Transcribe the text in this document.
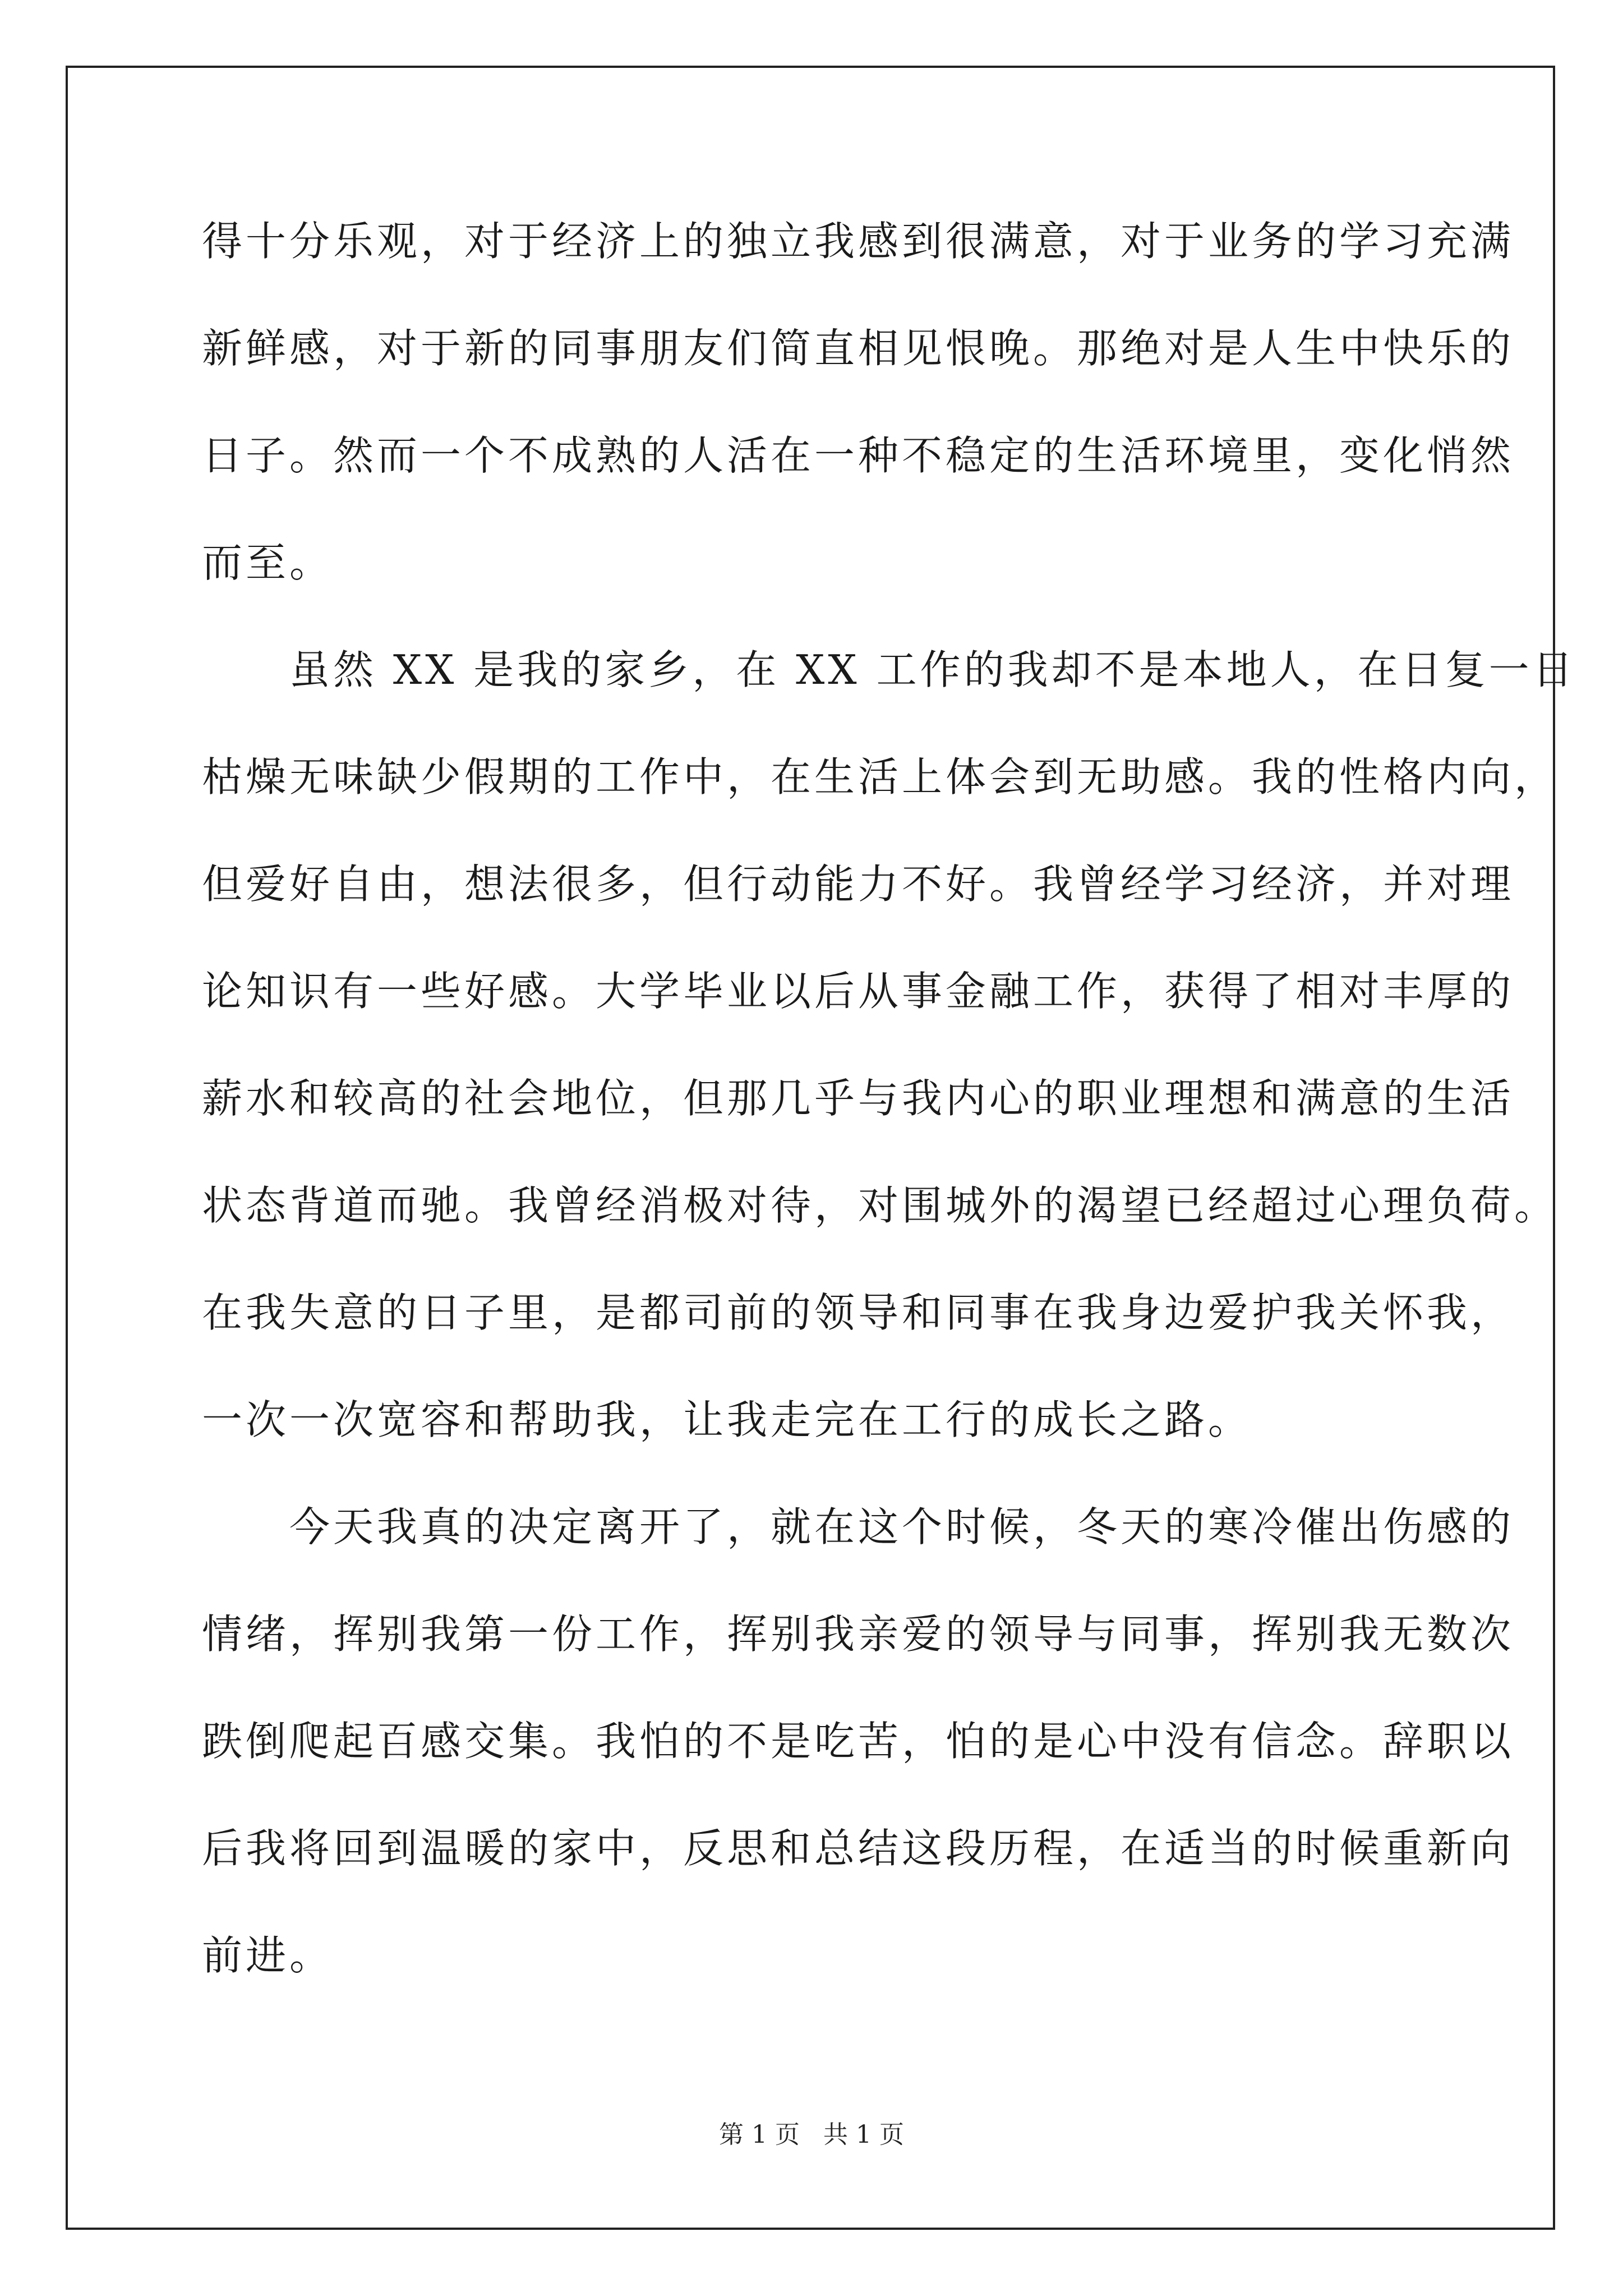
得十分乐观，对于经济上的独立我感到很满意，对于业务的学习充满
新鲜感，对于新的同事朋友们简直相见恨晚。那绝对是人生中快乐的
日子。然而一个不成熟的人活在一种不稳定的生活环境里，变化悄然
而至。
　　虽然 XX 是我的家乡，在 XX 工作的我却不是本地人，在日复一日
枯燥无味缺少假期的工作中，在生活上体会到无助感。我的性格内向，
但爱好自由，想法很多，但行动能力不好。我曾经学习经济，并对理
论知识有一些好感。大学毕业以后从事金融工作，获得了相对丰厚的
薪水和较高的社会地位，但那几乎与我内心的职业理想和满意的生活
状态背道而驰。我曾经消极对待，对围城外的渴望已经超过心理负荷。
在我失意的日子里，是都司前的领导和同事在我身边爱护我关怀我，
一次一次宽容和帮助我，让我走完在工行的成长之路。
　　今天我真的决定离开了，就在这个时候，冬天的寒冷催出伤感的
情绪，挥别我第一份工作，挥别我亲爱的领导与同事，挥别我无数次
跌倒爬起百感交集。我怕的不是吃苦，怕的是心中没有信念。辞职以
后我将回到温暖的家中，反思和总结这段历程，在适当的时候重新向
前进。
第 1 页 共 1 页
